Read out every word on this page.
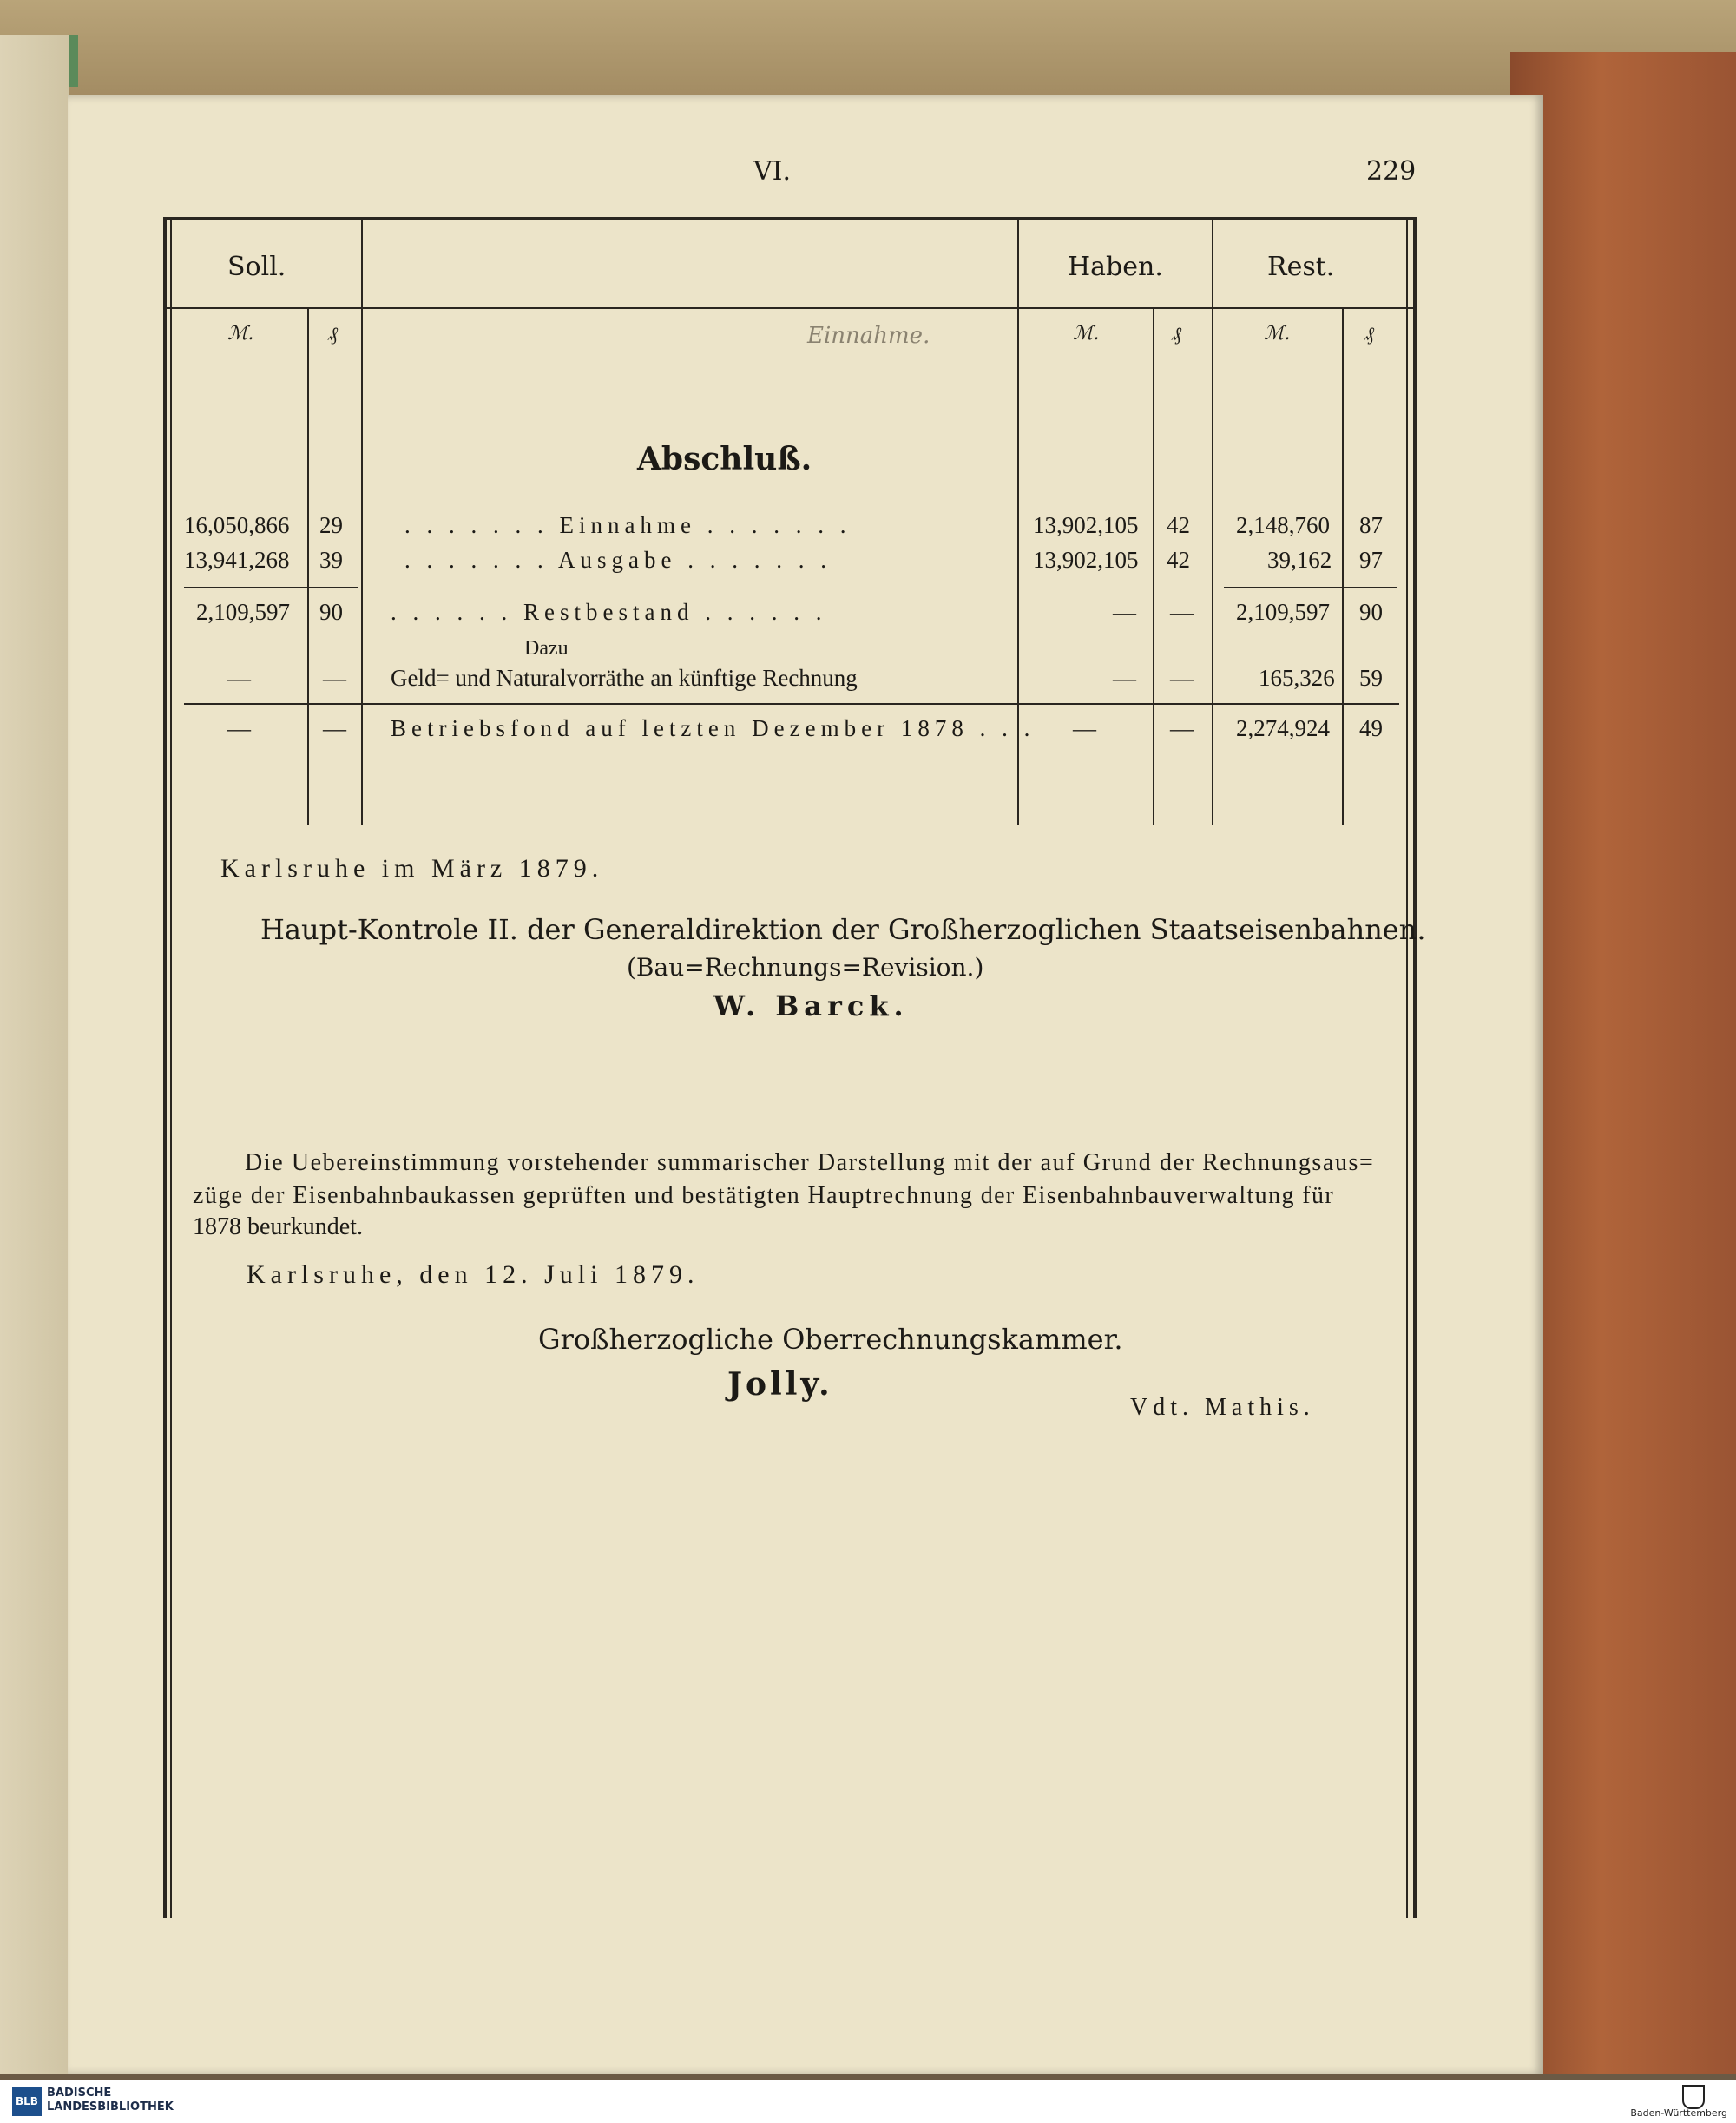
VI.	229
Soll.	Haben.	Rest.
ℳ.	₰	Einnahme.	ℳ.	₰	ℳ.	₰
Abschluß.
16,050,866 29	. . . . . . . Einnahme . . . . . . .	13,902,105 42 2,148,760 87
13,941,268 39	. . . . . . . Ausgabe . . . . . . .	13,902,105 42	39,162 97
2,109,597 90 . . . . . . Restbestand . . . . . .	— — 2,109,597 90
Dazu
—	— Geld= und Naturalvorräthe an künftige Rechnung	— —	165,326 59
—	— Betriebsfond auf letzten Dezember 1878 . . . —	— 2,274,924 49
Karlsruhe im März 1879.
Haupt-Kontrole II. der Generaldirektion der Großherzoglichen Staatseisenbahnen.
(Bau=Rechnungs=Revision.)
W. Barck.
Die Uebereinstimmung vorstehender summarischer Darstellung mit der auf Grund der Rechnungsaus=
züge der Eisenbahnbaukassen geprüften und bestätigten Hauptrechnung der Eisenbahnbauverwaltung für
1878 beurkundet.
Karlsruhe, den 12. Juli 1879.
Großherzogliche Oberrechnungskammer.
Jolly.
Vdt. Mathis.
BLB
BADISCHE
LANDESBIBLIOTHEK	Baden-Württemberg
